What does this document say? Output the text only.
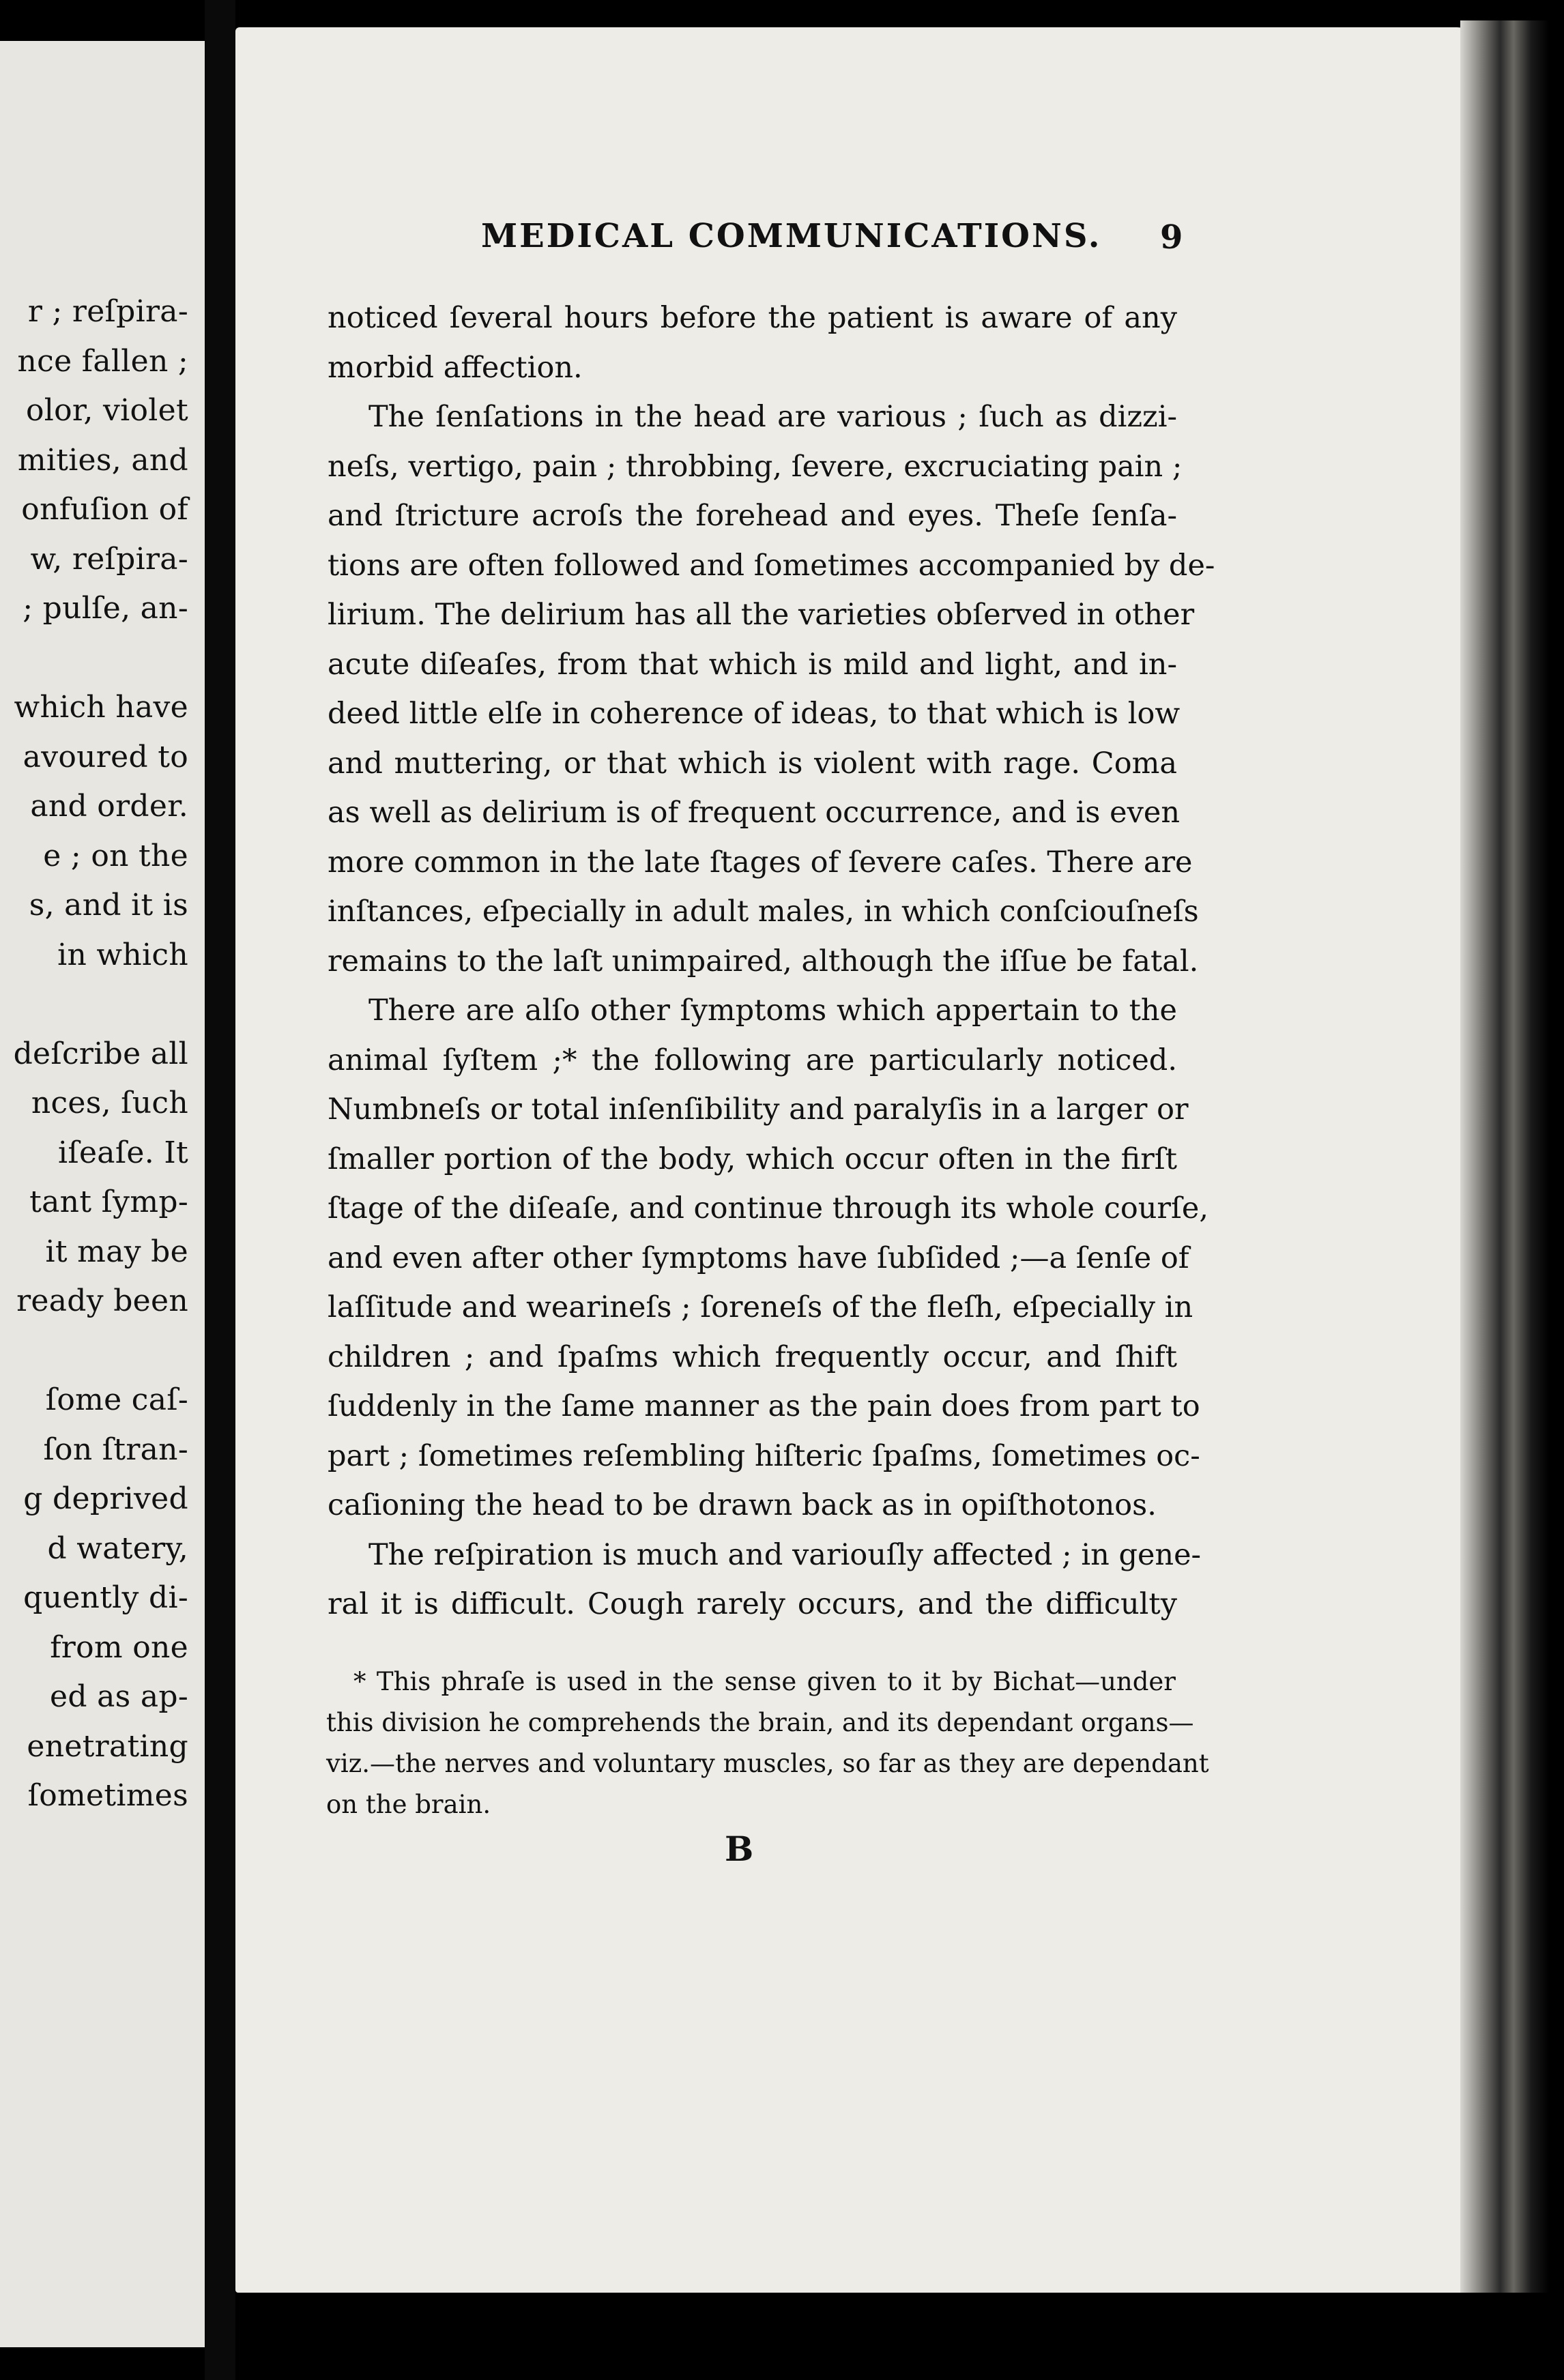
r ; reſpira-
nce fallen ;
olor, violet
mities, and
onfuſion of
w, reſpira-
; pulſe, an-
which have
avoured to
and order.
e ; on the
s, and it is
in which
deſcribe all
nces, ſuch
iſeaſe. It
tant ſymp-
it may be
ready been
ſome caſ-
ſon ſtran-
g deprived
d watery,
quently di-
from one
ed as ap-
enetrating
ſometimes
MEDICAL COMMUNICATIONS. 9
noticed ſeveral hours before the patient is aware of any
morbid affection.
The ſenſations in the head are various ; ſuch as dizzi-
neſs, vertigo, pain ; throbbing, ſevere, excruciating pain ;
and ſtricture acroſs the forehead and eyes. Theſe ſenſa-
tions are often followed and ſometimes accompanied by de-
lirium. The delirium has all the varieties obſerved in other
acute diſeaſes, from that which is mild and light, and in-
deed little elſe in coherence of ideas, to that which is low
and muttering, or that which is violent with rage. Coma
as well as delirium is of frequent occurrence, and is even
more common in the late ſtages of ſevere caſes. There are
inſtances, eſpecially in adult males, in which conſciouſneſs
remains to the laſt unimpaired, although the iſſue be fatal.
There are alſo other ſymptoms which appertain to the
animal ſyſtem ;* the following are particularly noticed.
Numbneſs or total inſenſibility and paralyſis in a larger or
ſmaller portion of the body, which occur often in the firſt
ſtage of the diſeaſe, and continue through its whole courſe,
and even after other ſymptoms have ſubſided ;—a ſenſe of
laſſitude and wearineſs ; ſoreneſs of the fleſh, eſpecially in
children ; and ſpaſms which frequently occur, and ſhift
ſuddenly in the ſame manner as the pain does from part to
part ; ſometimes reſembling hiſteric ſpaſms, ſometimes oc-
caſioning the head to be drawn back as in opiſthotonos.
The reſpiration is much and variouſly affected ; in gene-
ral it is difficult. Cough rarely occurs, and the difficulty
* This phraſe is used in the sense given to it by Bichat—under
this division he comprehends the brain, and its dependant organs—
viz.—the nerves and voluntary muscles, so far as they are dependant
on the brain.
B
